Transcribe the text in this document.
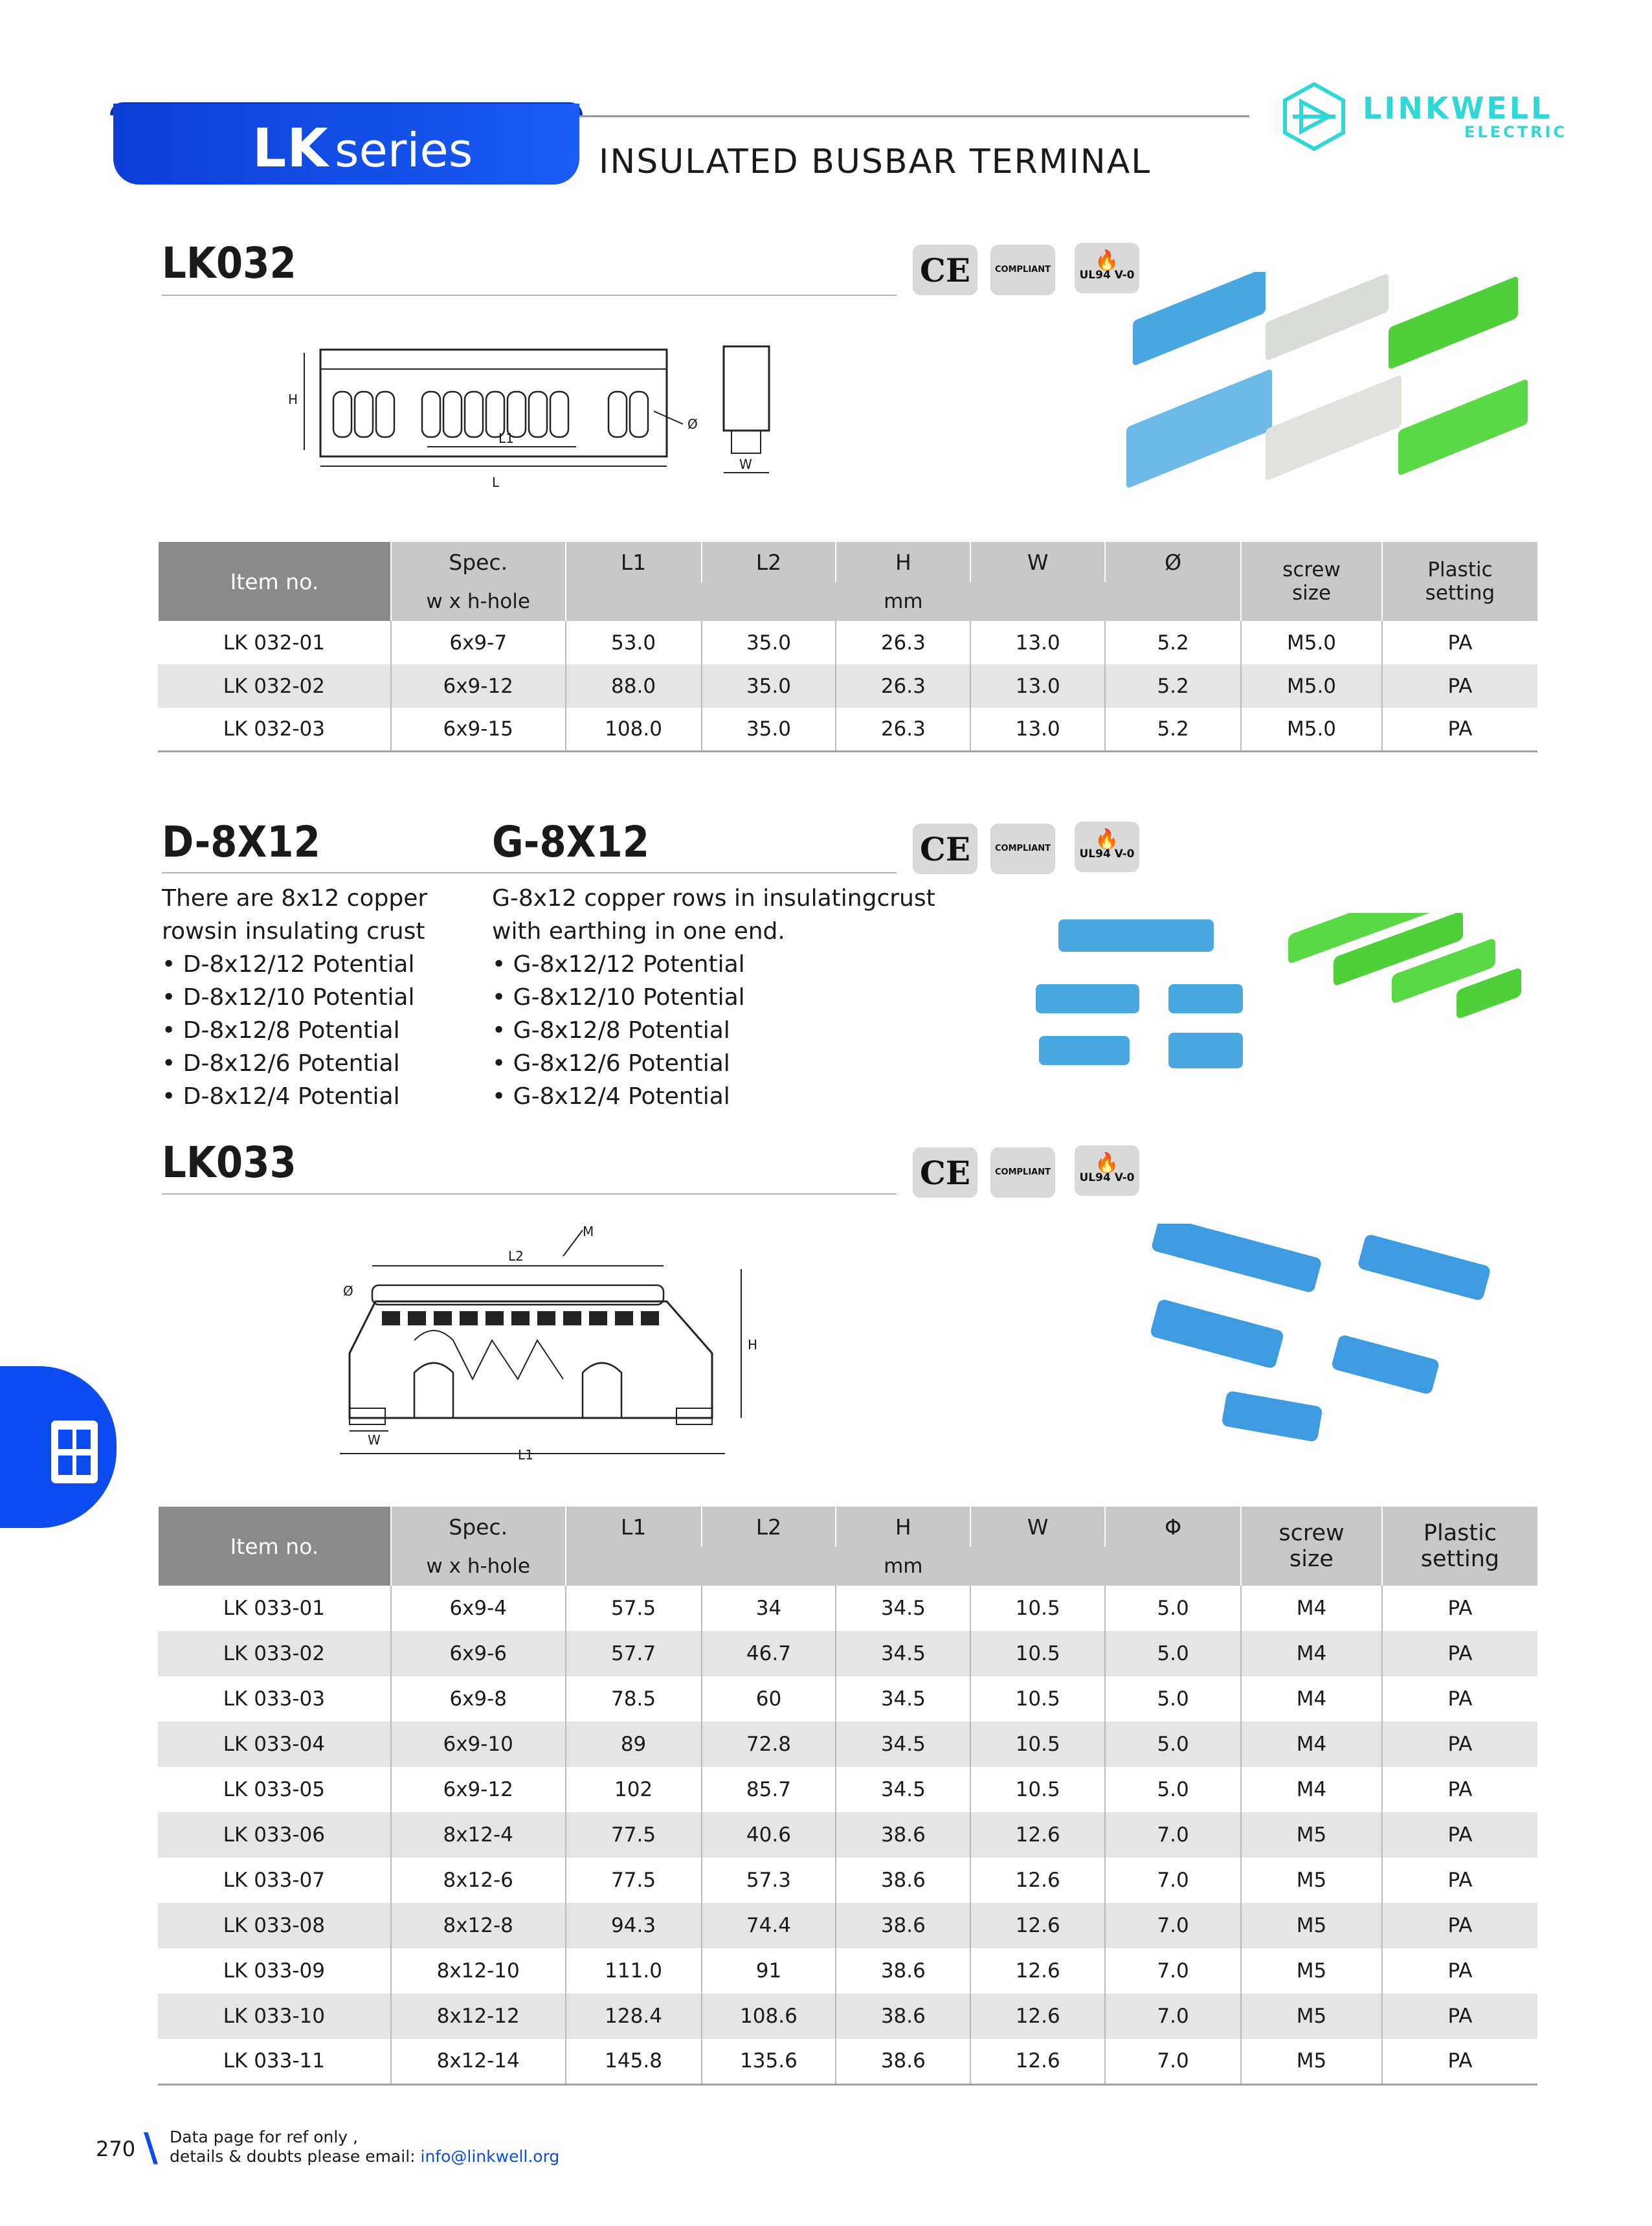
LK series	INSULATED BUSBAR TERMINAL
LINKWELL
ELECTRIC
LK032	CE	COMPLIANT 🔥
UL94 V-0
H
L1
L
Ø
W
Item no.	Spec.	L1	L2	H	W	Ø	screw size	Plastic setting
	w x h-hole	mm						
LK 032-01	6x9-7	53.0	35.0	26.3	13.0	5.2	M5.0	PA
LK 032-02	6x9-12	88.0	35.0	26.3	13.0	5.2	M5.0	PA
LK 032-03	6x9-15	108.0	35.0	26.3	13.0	5.2	M5.0	PA
D-8X12	G-8X12	CE	COMPLIANT 🔥
UL94 V-0
There are 8x12 copper
rowsin insulating crust
• D-8x12/12 Potential
• D-8x12/10 Potential
• D-8x12/8 Potential
• D-8x12/6 Potential
• D-8x12/4 Potential
G-8x12 copper rows in insulatingcrust
with earthing in one end.
• G-8x12/12 Potential
• G-8x12/10 Potential
• G-8x12/8 Potential
• G-8x12/6 Potential
• G-8x12/4 Potential
LK033	CE	COMPLIANT 🔥
UL94 V-0
M
L2
Ø
H
W
L1
Item no.	Spec.	L1	L2	H	W	Φ	screw size	Plastic setting
	w x h-hole	mm						
LK 033-01	6x9-4	57.5	34	34.5	10.5	5.0	M4	PA
LK 033-02	6x9-6	57.7	46.7	34.5	10.5	5.0	M4	PA
LK 033-03	6x9-8	78.5	60	34.5	10.5	5.0	M4	PA
LK 033-04	6x9-10	89	72.8	34.5	10.5	5.0	M4	PA
LK 033-05	6x9-12	102	85.7	34.5	10.5	5.0	M4	PA
LK 033-06	8x12-4	77.5	40.6	38.6	12.6	7.0	M5	PA
LK 033-07	8x12-6	77.5	57.3	38.6	12.6	7.0	M5	PA
LK 033-08	8x12-8	94.3	74.4	38.6	12.6	7.0	M5	PA
LK 033-09	8x12-10	111.0	91	38.6	12.6	7.0	M5	PA
LK 033-10	8x12-12	128.4	108.6	38.6	12.6	7.0	M5	PA
LK 033-11	8x12-14	145.8	135.6	38.6	12.6	7.0	M5	PA
270 \ Data page for ref only ,
details & doubts please email: info@linkwell.org
